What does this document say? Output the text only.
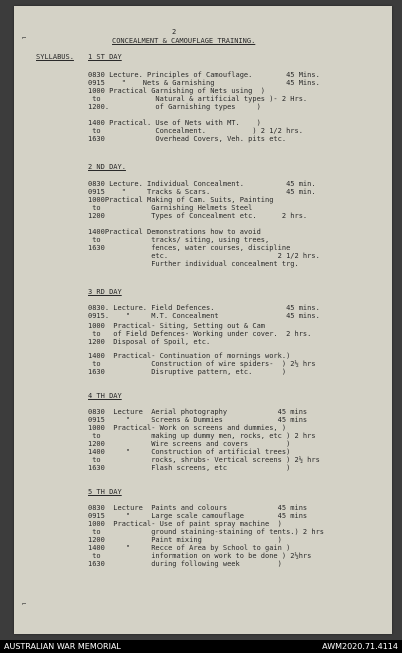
⌐
2
CONCEALMENT & CAMOUFLAGE TRAINING.
SYLLABUS. 1 ST DAY
0830 Lecture. Principles of Camouflage.        45 Mins.
0915    "    Nets & Garnishing                 45 Mins.
1000 Practical Garnishing of Nets using  )
to             Natural & artificial types )- 2 Hrs.
1200.           of Garnishing types     )
1400 Practical. Use of Nets with MT.    )
to             Concealment.           ) 2 1/2 hrs.
1630            Overhead Covers, Veh. pits etc.
2 ND DAY.
0830 Lecture. Individual Concealment.          45 min.
0915    "     Tracks & Scars.                  45 min.
1000Practical Making of Cam. Suits, Painting
to            Garnishing Helmets Steel
1200           Types of Concealment etc.      2 hrs.
1400Practical Demonstrations how to avoid
to            tracks/ siting, using trees,
1630           fences, water courses, discipline
etc.                          2 1/2 hrs.
Further individual concealment trg.
3 RD DAY
0830. Lecture. Field Defences.                 45 mins.
0915.    "     M.T. Concealment                45 mins.
1000  Practical- Siting, Setting out & Cam
to   of Field Defences- Working under cover.  2 hrs.
1200  Disposal of Spoil, etc.
1400  Practical- Continuation of mornings work.)
to            Construction of wire spiders-  ) 2½ hrs
1630           Disruptive pattern, etc.       )
4 TH DAY
0830  Lecture  Aerial photography            45 mins
0915     "     Screens & Dummies             45 mins
1000  Practical- Work on screens and dummies, )
to            making up dummy men, rocks, etc ) 2 hrs
1200           Wire screens and covers         )
1400     "     Construction of artificial trees)
to            rocks, shrubs- Vertical screens ) 2½ hrs
1630           Flash screens, etc              )
5 TH DAY
0830  Lecture  Paints and colours            45 mins
0915     "     Large scale camouflage        45 mins
1000  Practical- Use of paint spray machine  )
to            ground staining-staining of tents.) 2 hrs
1200           Paint mixing                  )
1400     "     Recce of Area by School to gain )
to            information on work to be done ) 2½hrs
1630           during following week         )
⌐
AUSTRALIAN WAR MEMORIAL	AWM2020.71.4114
